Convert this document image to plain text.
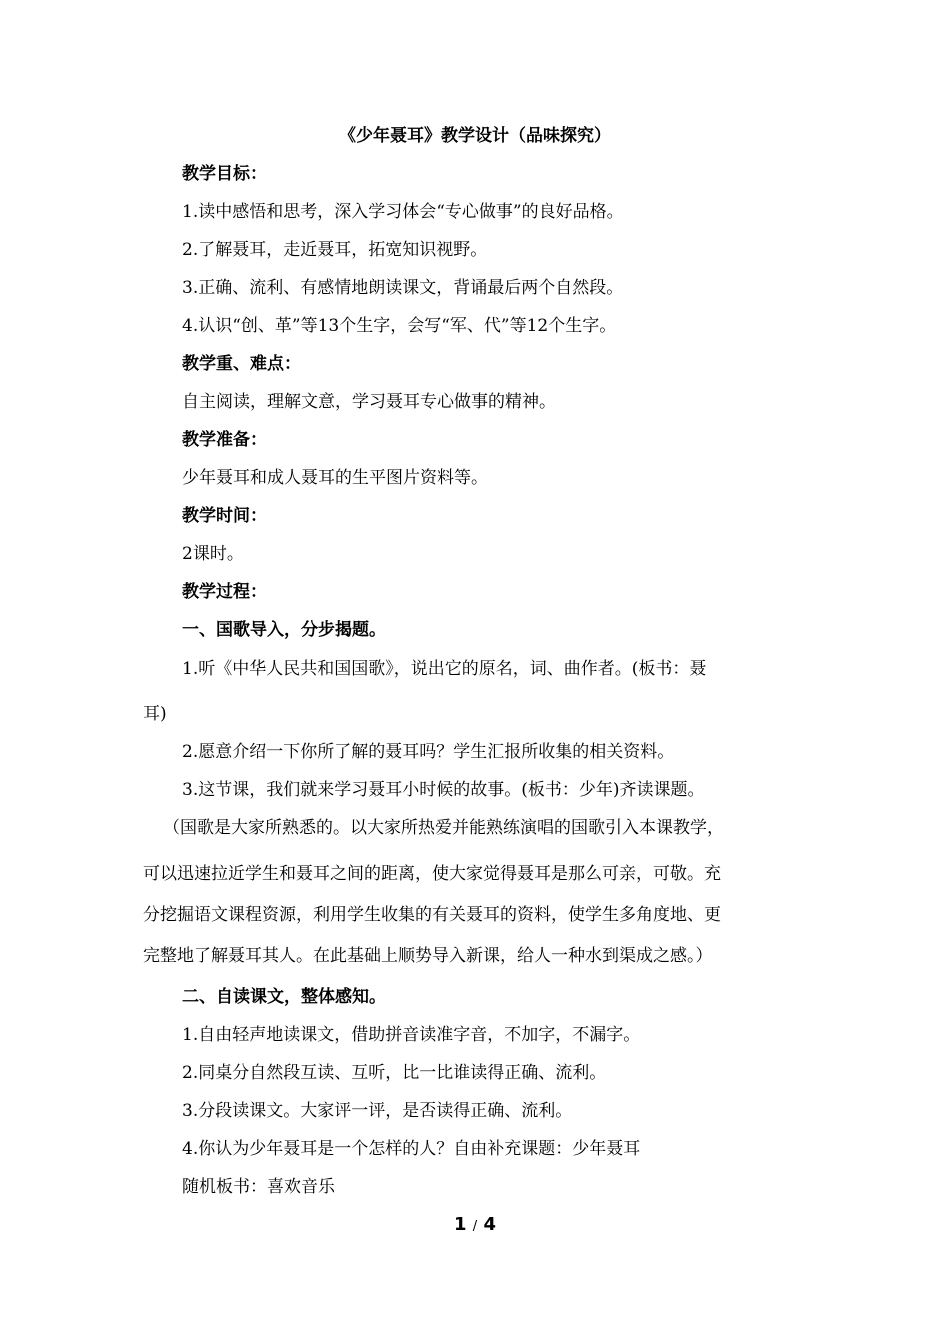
《少年聂耳》教学设计（品味探究）
教学目标：
1.读中感悟和思考，深入学习体会“专心做事”的良好品格。
2.了解聂耳，走近聂耳，拓宽知识视野。
3.正确、流利、有感情地朗读课文，背诵最后两个自然段。
4.认识“创、革”等13个生字，会写“军、代”等12个生字。
教学重、难点：
自主阅读，理解文意，学习聂耳专心做事的精神。
教学准备：
少年聂耳和成人聂耳的生平图片资料等。
教学时间：
2课时。
教学过程：
一、国歌导入，分步揭题。
1.听《中华人民共和国国歌》，说出它的原名，词、曲作者。(板书：聂
耳)
2.愿意介绍一下你所了解的聂耳吗？学生汇报所收集的相关资料。
3.这节课，我们就来学习聂耳小时候的故事。(板书：少年)齐读课题。
（国歌是大家所熟悉的。以大家所热爱并能熟练演唱的国歌引入本课教学，
可以迅速拉近学生和聂耳之间的距离，使大家觉得聂耳是那么可亲，可敬。充
分挖掘语文课程资源，利用学生收集的有关聂耳的资料，使学生多角度地、更
完整地了解聂耳其人。在此基础上顺势导入新课，给人一种水到渠成之感。）
二、自读课文，整体感知。
1.自由轻声地读课文，借助拼音读准字音，不加字，不漏字。
2.同桌分自然段互读、互听，比一比谁读得正确、流利。
3.分段读课文。大家评一评，是否读得正确、流利。
4.你认为少年聂耳是一个怎样的人？自由补充课题：少年聂耳
随机板书：喜欢音乐
1 / 4
